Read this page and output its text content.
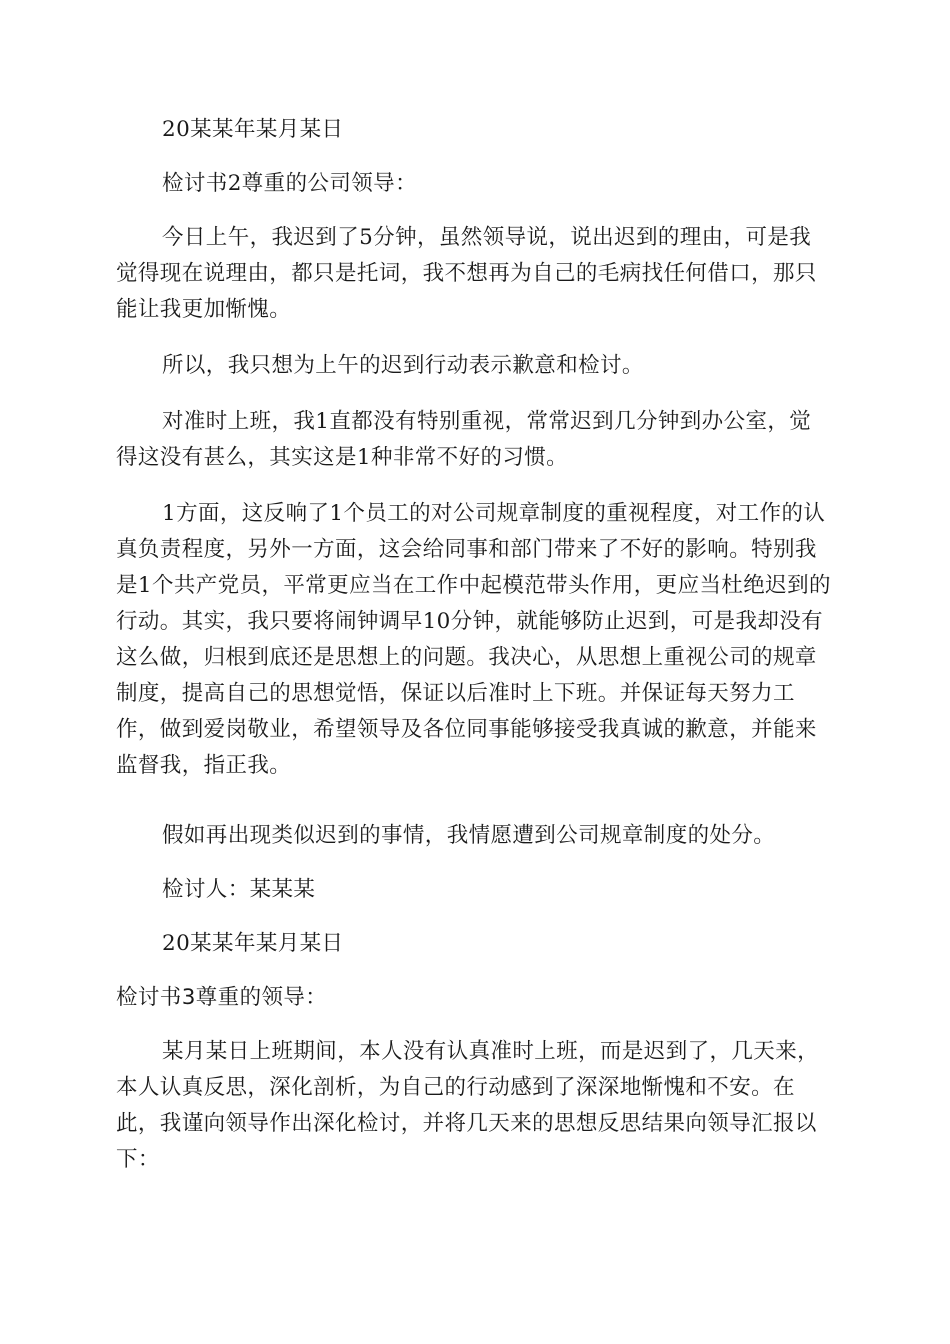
20某某年某月某日

检讨书2尊重的公司领导：

今日上午，我迟到了5分钟，虽然领导说，说出迟到的理由，可是我觉得现在说理由，都只是托词，我不想再为自己的毛病找任何借口，那只能让我更加惭愧。

所以，我只想为上午的迟到行动表示歉意和检讨。

对准时上班，我1直都没有特别重视，常常迟到几分钟到办公室，觉得这没有甚么，其实这是1种非常不好的习惯。

1方面，这反响了1个员工的对公司规章制度的重视程度，对工作的认真负责程度，另外一方面，这会给同事和部门带来了不好的影响。特别我是1个共产党员，平常更应当在工作中起模范带头作用，更应当杜绝迟到的行动。其实，我只要将闹钟调早10分钟，就能够防止迟到，可是我却没有这么做，归根到底还是思想上的问题。我决心，从思想上重视公司的规章制度，提高自己的思想觉悟，保证以后准时上下班。并保证每天努力工作，做到爱岗敬业，希望领导及各位同事能够接受我真诚的歉意，并能来监督我，指正我。

假如再出现类似迟到的事情，我情愿遭到公司规章制度的处分。

检讨人：某某某

20某某年某月某日

检讨书3尊重的领导：

某月某日上班期间，本人没有认真准时上班，而是迟到了，几天来，本人认真反思，深化剖析，为自己的行动感到了深深地惭愧和不安。在此，我谨向领导作出深化检讨，并将几天来的思想反思结果向领导汇报以下：
